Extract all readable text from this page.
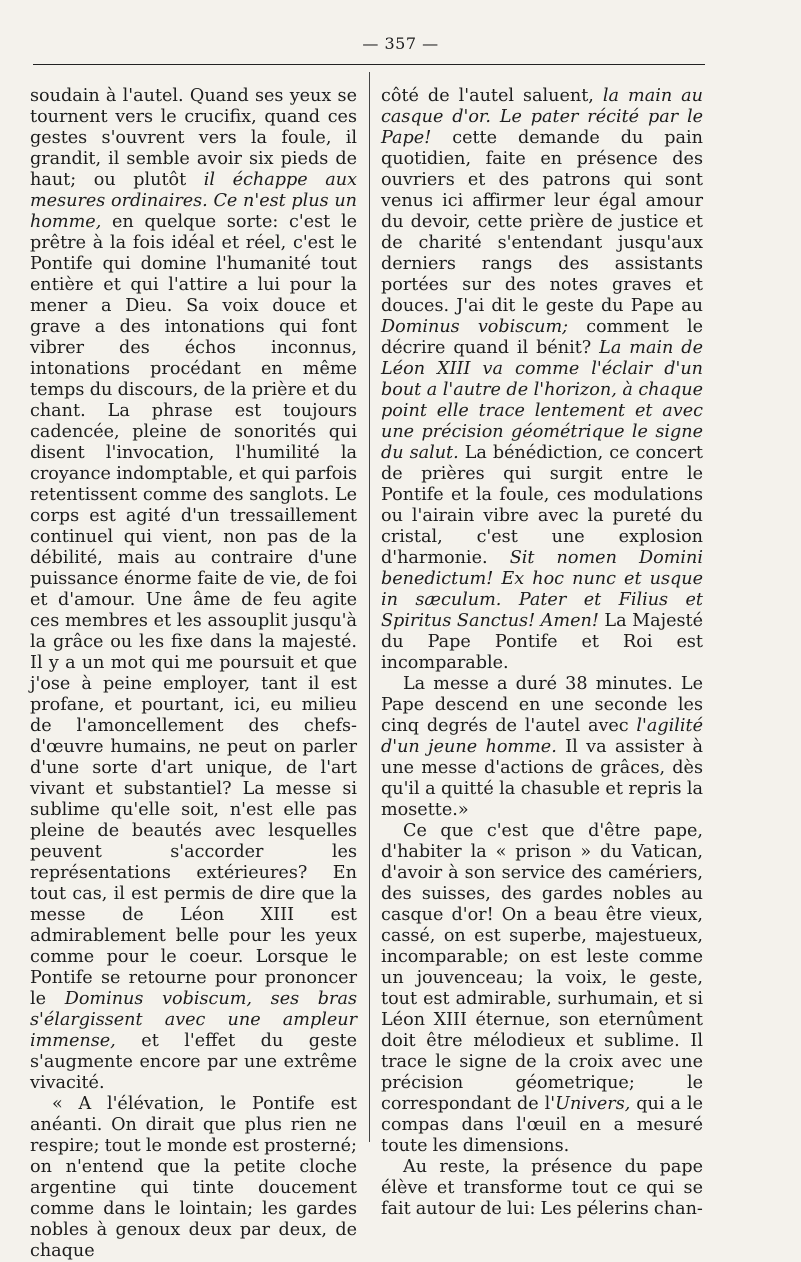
— 357 —

soudain à l'autel. Quand ses yeux se tournent vers le crucifix, quand ces gestes s'ouvrent vers la foule, il grandit, il semble avoir six pieds de haut; ou plutôt il échappe aux mesures ordinaires. Ce n'est plus un homme, en quelque sorte: c'est le prêtre à la fois idéal et réel, c'est le Pontife qui domine l'humanité tout entière et qui l'attire a lui pour la mener a Dieu. Sa voix douce et grave a des intonations qui font vibrer des échos inconnus, intonations procédant en même temps du discours, de la prière et du chant. La phrase est toujours cadencée, pleine de sonorités qui disent l'invocation, l'humilité la croyance indomptable, et qui parfois retentissent comme des sanglots. Le corps est agité d'un tressaillement continuel qui vient, non pas de la débilité, mais au contraire d'une puissance énorme faite de vie, de foi et d'amour. Une âme de feu agite ces membres et les assouplit jusqu'à la grâce ou les fixe dans la majesté. Il y a un mot qui me poursuit et que j'ose à peine employer, tant il est profane, et pourtant, ici, eu milieu de l'amoncellement des chefs-d'œuvre humains, ne peut on parler d'une sorte d'art unique, de l'art vivant et substantiel? La messe si sublime qu'elle soit, n'est elle pas pleine de beautés avec lesquelles peuvent s'accorder les représentations extérieures? En tout cas, il est permis de dire que la messe de Léon XIII est admirablement belle pour les yeux comme pour le coeur. Lorsque le Pontife se retourne pour prononcer le Dominus vobiscum, ses bras s'élargissent avec une ampleur immense, et l'effet du geste s'augmente encore par une extrême vivacité.

« A l'élévation, le Pontife est anéanti. On dirait que plus rien ne respire; tout le monde est prosterné; on n'entend que la petite cloche argentine qui tinte doucement comme dans le lointain; les gardes nobles à genoux deux par deux, de chaque

côté de l'autel saluent, la main au casque d'or. Le pater récité par le Pape! cette demande du pain quotidien, faite en présence des ouvriers et des patrons qui sont venus ici affirmer leur égal amour du devoir, cette prière de justice et de charité s'entendant jusqu'aux derniers rangs des assistants portées sur des notes graves et douces. J'ai dit le geste du Pape au Dominus vobiscum; comment le décrire quand il bénit? La main de Léon XIII va comme l'éclair d'un bout a l'autre de l'horizon, à chaque point elle trace lentement et avec une précision géométrique le signe du salut. La bénédiction, ce concert de prières qui surgit entre le Pontife et la foule, ces modulations ou l'airain vibre avec la pureté du cristal, c'est une explosion d'harmonie. Sit nomen Domini benedictum! Ex hoc nunc et usque in sæculum. Pater et Filius et Spiritus Sanctus! Amen! La Majesté du Pape Pontife et Roi est incomparable.

La messe a duré 38 minutes. Le Pape descend en une seconde les cinq degrés de l'autel avec l'agilité d'un jeune homme. Il va assister à une messe d'actions de grâces, dès qu'il a quitté la chasuble et repris la mosette.»

Ce que c'est que d'être pape, d'habiter la « prison » du Vatican, d'avoir à son service des camériers, des suisses, des gardes nobles au casque d'or! On a beau être vieux, cassé, on est superbe, majestueux, incomparable; on est leste comme un jouvenceau; la voix, le geste, tout est admirable, surhumain, et si Léon XIII éternue, son eternûment doit être mélodieux et sublime. Il trace le signe de la croix avec une précision géometrique; le correspondant de l'Univers, qui a le compas dans l'œuil en a mesuré toute les dimensions.

Au reste, la présence du pape élève et transforme tout ce qui se fait autour de lui: Les pélerins chan-
